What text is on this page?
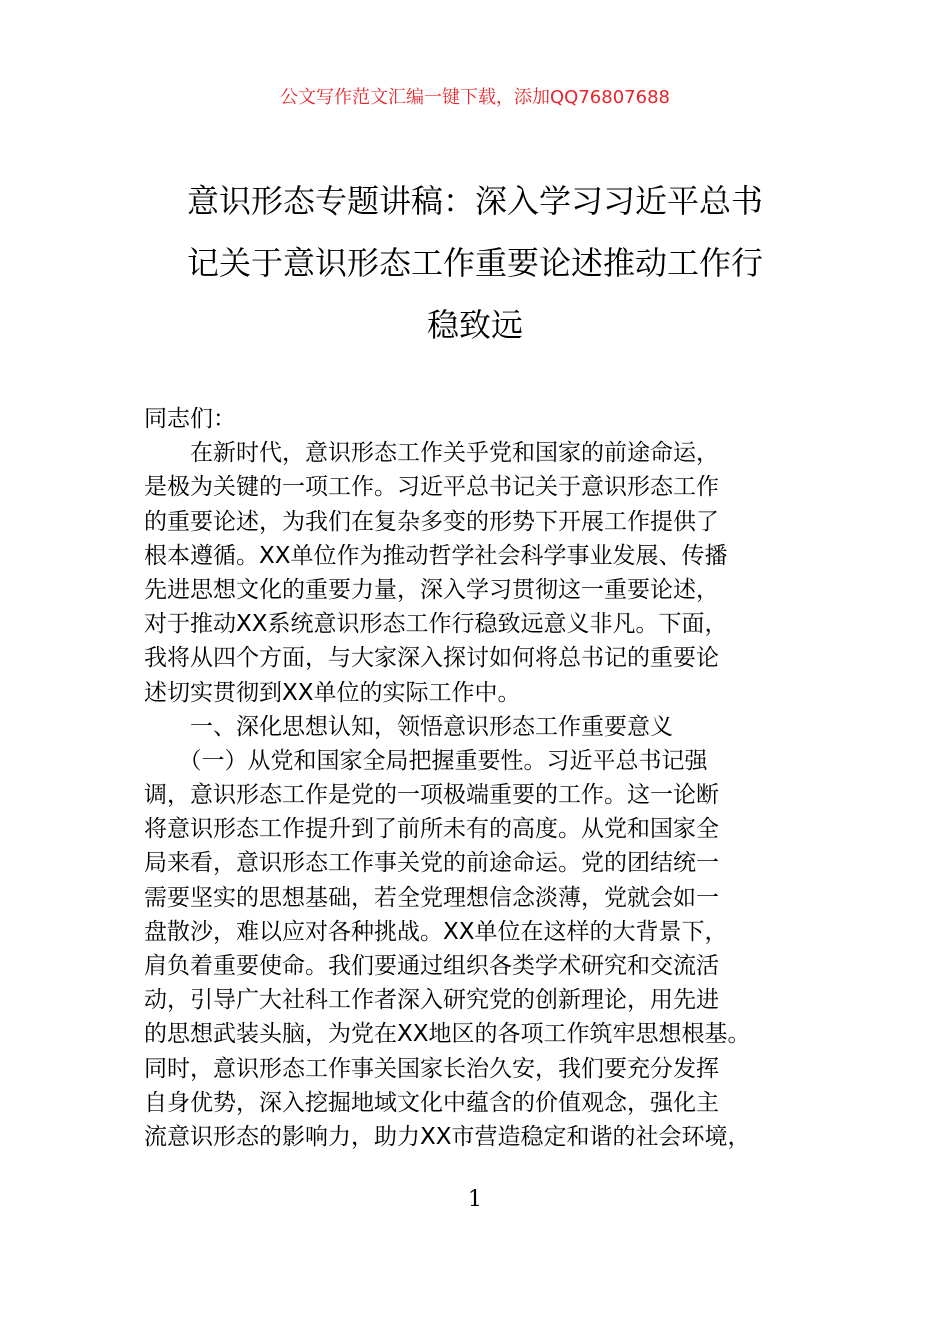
公文写作范文汇编一键下载，添加QQ76807688
意识形态专题讲稿：深入学习习近平总书
记关于意识形态工作重要论述推动工作行
稳致远
同志们：
　　在新时代，意识形态工作关乎党和国家的前途命运，
是极为关键的一项工作。习近平总书记关于意识形态工作
的重要论述，为我们在复杂多变的形势下开展工作提供了
根本遵循。XX单位作为推动哲学社会科学事业发展、传播
先进思想文化的重要力量，深入学习贯彻这一重要论述，
对于推动XX系统意识形态工作行稳致远意义非凡。下面，
我将从四个方面，与大家深入探讨如何将总书记的重要论
述切实贯彻到XX单位的实际工作中。
　　一、深化思想认知，领悟意识形态工作重要意义
　　（一）从党和国家全局把握重要性。习近平总书记强
调，意识形态工作是党的一项极端重要的工作。这一论断
将意识形态工作提升到了前所未有的高度。从党和国家全
局来看，意识形态工作事关党的前途命运。党的团结统一
需要坚实的思想基础，若全党理想信念淡薄，党就会如一
盘散沙，难以应对各种挑战。XX单位在这样的大背景下，
肩负着重要使命。我们要通过组织各类学术研究和交流活
动，引导广大社科工作者深入研究党的创新理论，用先进
的思想武装头脑，为党在XX地区的各项工作筑牢思想根基。
同时，意识形态工作事关国家长治久安，我们要充分发挥
自身优势，深入挖掘地域文化中蕴含的价值观念，强化主
流意识形态的影响力，助力XX市营造稳定和谐的社会环境，
1
